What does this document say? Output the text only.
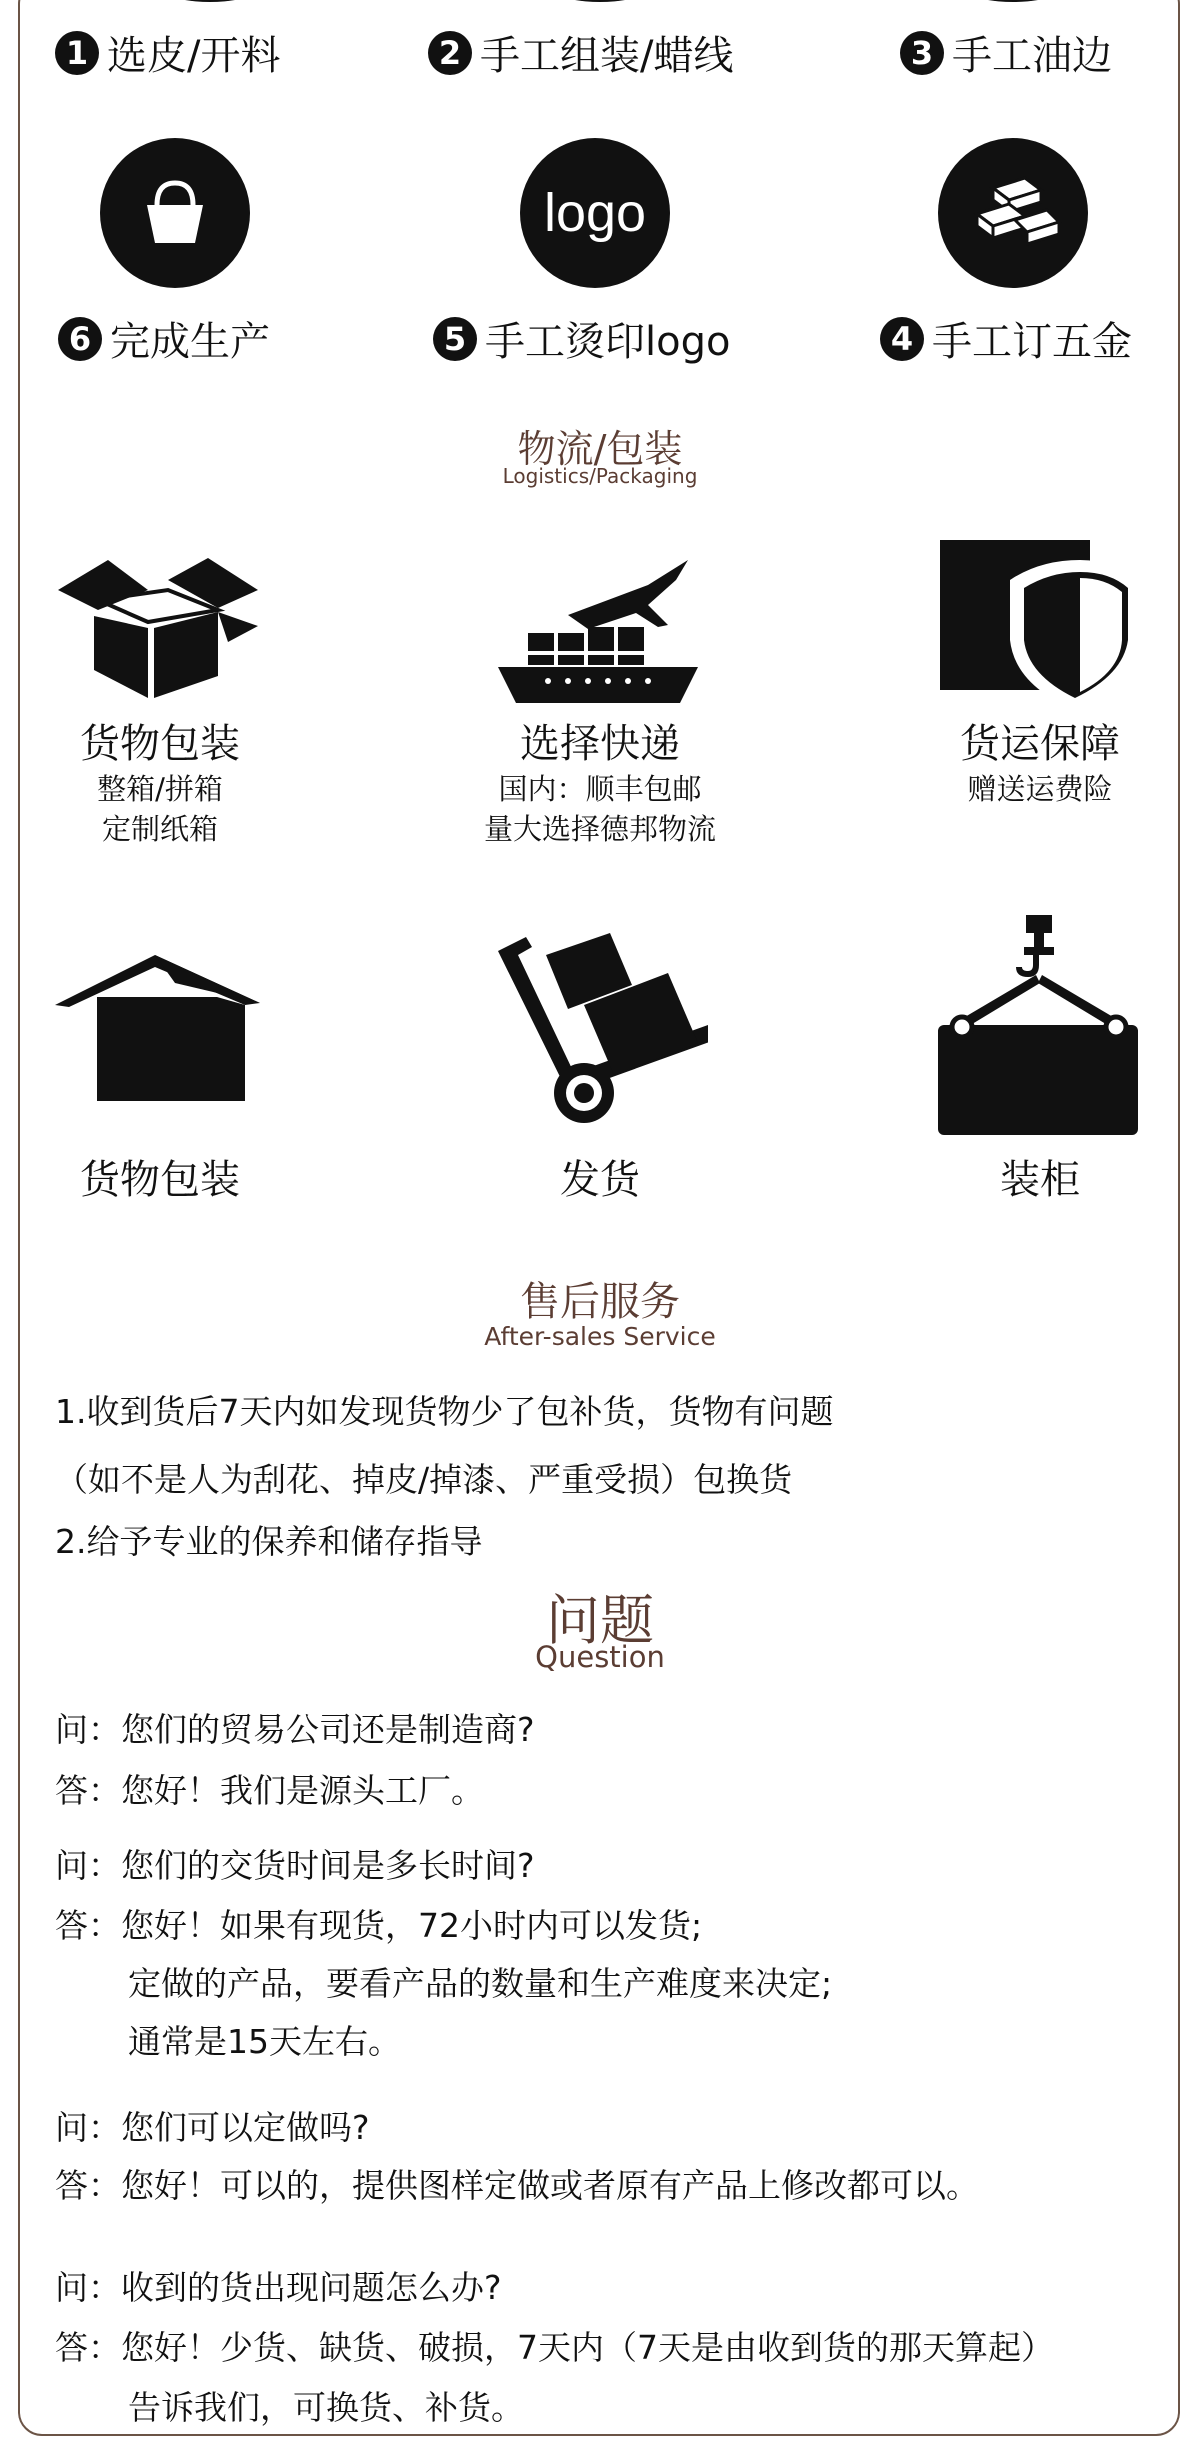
1 选皮/开料	2 手工组装/蜡线	3 手工油边
logo
6 完成生产	5 手工烫印logo	4 手工订五金
物流/包装
Logistics/Packaging
货物包装
整箱/拼箱
定制纸箱
选择快递
国内：顺丰包邮
量大选择德邦物流
货运保障
赠送运费险
货物包装	发货	装柜
售后服务
After-sales Service
1.收到货后7天内如发现货物少了包补货，货物有问题
（如不是人为刮花、掉皮/掉漆、严重受损）包换货
2.给予专业的保养和储存指导
问题
Question
问：您们的贸易公司还是制造商?
答：您好！我们是源头工厂。
问：您们的交货时间是多长时间?
答：您好！如果有现货，72小时内可以发货;
定做的产品，要看产品的数量和生产难度来决定;
通常是15天左右。
问：您们可以定做吗?
答：您好！可以的，提供图样定做或者原有产品上修改都可以。
问：收到的货出现问题怎么办?
答：您好！少货、缺货、破损，7天内（7天是由收到货的那天算起）
告诉我们，可换货、补货。
